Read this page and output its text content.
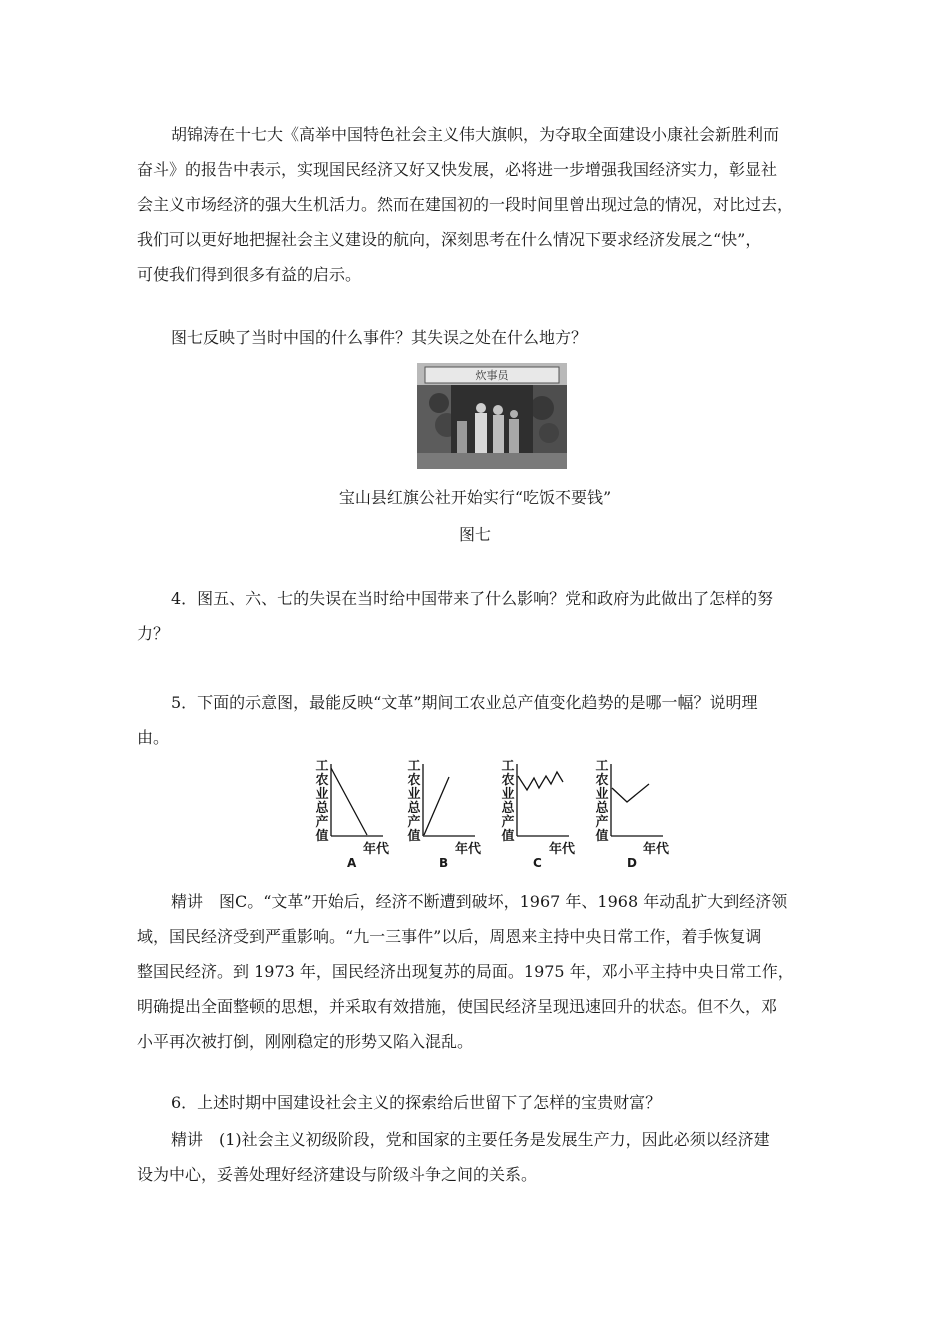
胡锦涛在十七大《高举中国特色社会主义伟大旗帜，为夺取全面建设小康社会新胜利而
奋斗》的报告中表示，实现国民经济又好又快发展，必将进一步增强我国经济实力，彰显社
会主义市场经济的强大生机活力。然而在建国初的一段时间里曾出现过急的情况，对比过去，
我们可以更好地把握社会主义建设的航向，深刻思考在什么情况下要求经济发展之“快”，
可使我们得到很多有益的启示。
图七反映了当时中国的什么事件？其失误之处在什么地方？
炊事员
宝山县红旗公社开始实行“吃饭不要钱”
图七
4．图五、六、七的失误在当时给中国带来了什么影响？党和政府为此做出了怎样的努
力？
5．下面的示意图，最能反映“文革”期间工农业总产值变化趋势的是哪一幅？说明理
由。
工农业总产值
年代
A
工农业总产值
年代
B
工农业总产值
年代
C
工农业总产值
年代
D
精讲　图C。“文革”开始后，经济不断遭到破坏，1967 年、1968 年动乱扩大到经济领
域，国民经济受到严重影响。“九一三事件”以后，周恩来主持中央日常工作，着手恢复调
整国民经济。到 1973 年，国民经济出现复苏的局面。1975 年，邓小平主持中央日常工作，
明确提出全面整顿的思想，并采取有效措施，使国民经济呈现迅速回升的状态。但不久，邓
小平再次被打倒，刚刚稳定的形势又陷入混乱。
6．上述时期中国建设社会主义的探索给后世留下了怎样的宝贵财富？
精讲　(1)社会主义初级阶段，党和国家的主要任务是发展生产力，因此必须以经济建
设为中心，妥善处理好经济建设与阶级斗争之间的关系。
